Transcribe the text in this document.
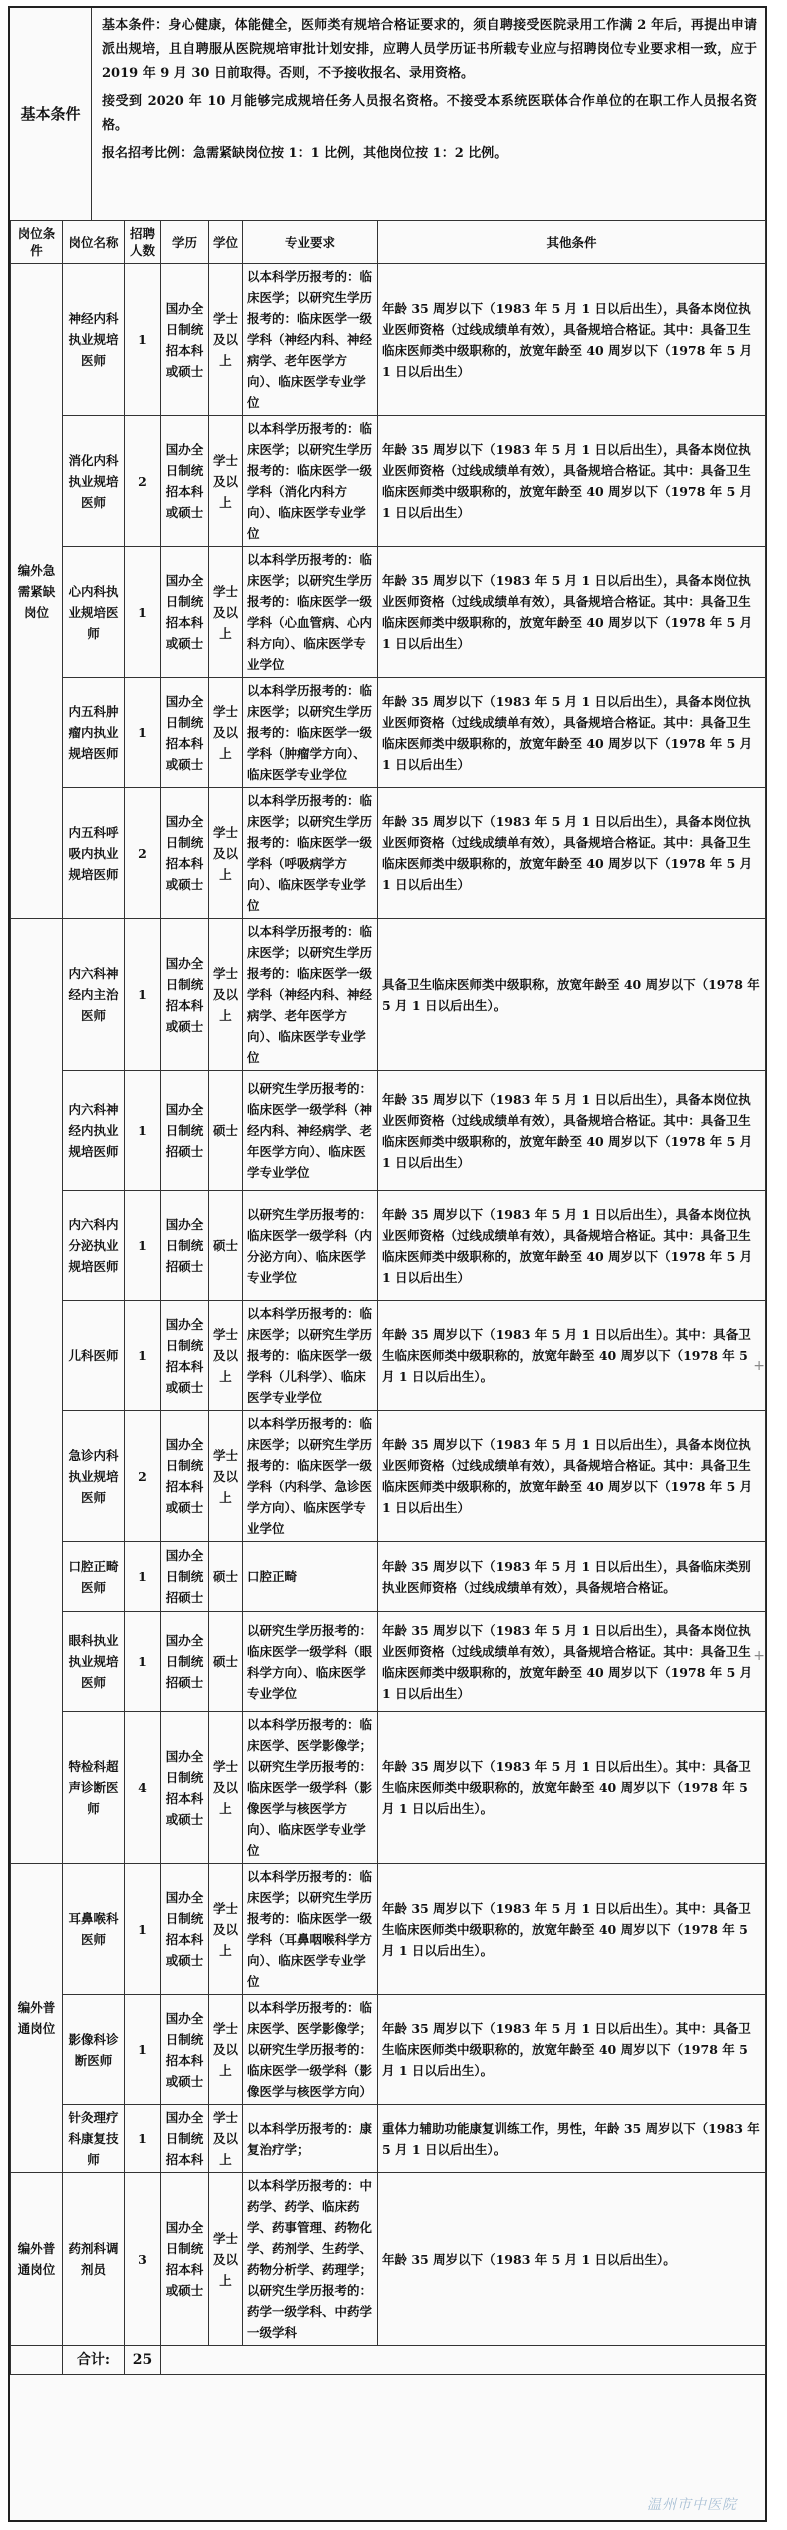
基本条件

基本条件：身心健康，体能健全，医师类有规培合格证要求的，须自聘接受医院录用工作满 2 年后，再提出申请派出规培，且自聘服从医院规培审批计划安排，应聘人员学历证书所载专业应与招聘岗位专业要求相一致，应于 2019 年 9 月 30 日前取得。否则，不予接收报名、录用资格。

接受到 2020 年 10 月能够完成规培任务人员报名资格。不接受本系统医联体合作单位的在职工作人员报名资格。

报名招考比例：急需紧缺岗位按 1：1 比例，其他岗位按 1：2 比例。

岗位条件	岗位名称	招聘人数	学历	学位	专业要求	其他条件
编外急需紧缺岗位	神经内科执业规培医师	1	国办全日制统招本科或硕士	学士及以上	以本科学历报考的：临床医学；以研究生学历报考的：临床医学一级学科（神经内科、神经病学、老年医学方向）、临床医学专业学位	年龄 35 周岁以下（1983 年 5 月 1 日以后出生），具备本岗位执业医师资格（过线成绩单有效），具备规培合格证。其中：具备卫生临床医师类中级职称的，放宽年龄至 40 周岁以下（1978 年 5 月 1 日以后出生）
	消化内科执业规培医师	2	国办全日制统招本科或硕士	学士及以上	以本科学历报考的：临床医学；以研究生学历报考的：临床医学一级学科（消化内科方向）、临床医学专业学位	年龄 35 周岁以下（1983 年 5 月 1 日以后出生），具备本岗位执业医师资格（过线成绩单有效），具备规培合格证。其中：具备卫生临床医师类中级职称的，放宽年龄至 40 周岁以下（1978 年 5 月 1 日以后出生）
	心内科执业规培医师	1	国办全日制统招本科或硕士	学士及以上	以本科学历报考的：临床医学；以研究生学历报考的：临床医学一级学科（心血管病、心内科方向）、临床医学专业学位	年龄 35 周岁以下（1983 年 5 月 1 日以后出生），具备本岗位执业医师资格（过线成绩单有效），具备规培合格证。其中：具备卫生临床医师类中级职称的，放宽年龄至 40 周岁以下（1978 年 5 月 1 日以后出生）
	内五科肿瘤内执业规培医师	1	国办全日制统招本科或硕士	学士及以上	以本科学历报考的：临床医学；以研究生学历报考的：临床医学一级学科（肿瘤学方向）、临床医学专业学位	年龄 35 周岁以下（1983 年 5 月 1 日以后出生），具备本岗位执业医师资格（过线成绩单有效），具备规培合格证。其中：具备卫生临床医师类中级职称的，放宽年龄至 40 周岁以下（1978 年 5 月 1 日以后出生）
	内五科呼吸内执业规培医师	2	国办全日制统招本科或硕士	学士及以上	以本科学历报考的：临床医学；以研究生学历报考的：临床医学一级学科（呼吸病学方向）、临床医学专业学位	年龄 35 周岁以下（1983 年 5 月 1 日以后出生），具备本岗位执业医师资格（过线成绩单有效），具备规培合格证。其中：具备卫生临床医师类中级职称的，放宽年龄至 40 周岁以下（1978 年 5 月 1 日以后出生）
	内六科神经内主治医师	1	国办全日制统招本科或硕士	学士及以上	以本科学历报考的：临床医学；以研究生学历报考的：临床医学一级学科（神经内科、神经病学、老年医学方向）、临床医学专业学位	具备卫生临床医师类中级职称，放宽年龄至 40 周岁以下（1978 年 5 月 1 日以后出生）。
	内六科神经内执业规培医师	1	国办全日制统招硕士	硕士	以研究生学历报考的：临床医学一级学科（神经内科、神经病学、老年医学方向）、临床医学专业学位	年龄 35 周岁以下（1983 年 5 月 1 日以后出生），具备本岗位执业医师资格（过线成绩单有效），具备规培合格证。其中：具备卫生临床医师类中级职称的，放宽年龄至 40 周岁以下（1978 年 5 月 1 日以后出生）
	内六科内分泌执业规培医师	1	国办全日制统招硕士	硕士	以研究生学历报考的：临床医学一级学科（内分泌方向）、临床医学专业学位	年龄 35 周岁以下（1983 年 5 月 1 日以后出生），具备本岗位执业医师资格（过线成绩单有效），具备规培合格证。其中：具备卫生临床医师类中级职称的，放宽年龄至 40 周岁以下（1978 年 5 月 1 日以后出生）
	儿科医师	1	国办全日制统招本科或硕士	学士及以上	以本科学历报考的：临床医学；以研究生学历报考的：临床医学一级学科（儿科学）、临床医学专业学位	年龄 35 周岁以下（1983 年 5 月 1 日以后出生）。其中：具备卫生临床医师类中级职称的，放宽年龄至 40 周岁以下（1978 年 5 月 1 日以后出生）。
	急诊内科执业规培医师	2	国办全日制统招本科或硕士	学士及以上	以本科学历报考的：临床医学；以研究生学历报考的：临床医学一级学科（内科学、急诊医学方向）、临床医学专业学位	年龄 35 周岁以下（1983 年 5 月 1 日以后出生），具备本岗位执业医师资格（过线成绩单有效），具备规培合格证。其中：具备卫生临床医师类中级职称的，放宽年龄至 40 周岁以下（1978 年 5 月 1 日以后出生）
	口腔正畸医师	1	国办全日制统招硕士	硕士	口腔正畸	年龄 35 周岁以下（1983 年 5 月 1 日以后出生），具备临床类别执业医师资格（过线成绩单有效），具备规培合格证。
	眼科执业执业规培医师	1	国办全日制统招硕士	硕士	以研究生学历报考的：临床医学一级学科（眼科学方向）、临床医学专业学位	年龄 35 周岁以下（1983 年 5 月 1 日以后出生），具备本岗位执业医师资格（过线成绩单有效），具备规培合格证。其中：具备卫生临床医师类中级职称的，放宽年龄至 40 周岁以下（1978 年 5 月 1 日以后出生）
	特检科超声诊断医师	4	国办全日制统招本科或硕士	学士及以上	以本科学历报考的：临床医学、医学影像学；以研究生学历报考的：临床医学一级学科（影像医学与核医学方向）、临床医学专业学位	年龄 35 周岁以下（1983 年 5 月 1 日以后出生）。其中：具备卫生临床医师类中级职称的，放宽年龄至 40 周岁以下（1978 年 5 月 1 日以后出生）。
编外普通岗位	耳鼻喉科医师	1	国办全日制统招本科或硕士	学士及以上	以本科学历报考的：临床医学；以研究生学历报考的：临床医学一级学科（耳鼻咽喉科学方向）、临床医学专业学位	年龄 35 周岁以下（1983 年 5 月 1 日以后出生）。其中：具备卫生临床医师类中级职称的，放宽年龄至 40 周岁以下（1978 年 5 月 1 日以后出生）。
	影像科诊断医师	1	国办全日制统招本科或硕士	学士及以上	以本科学历报考的：临床医学、医学影像学；以研究生学历报考的：临床医学一级学科（影像医学与核医学方向）	年龄 35 周岁以下（1983 年 5 月 1 日以后出生）。其中：具备卫生临床医师类中级职称的，放宽年龄至 40 周岁以下（1978 年 5 月 1 日以后出生）。
	针灸理疗科康复技师	1	国办全日制统招本科	学士及以上	以本科学历报考的：康复治疗学；	重体力辅助功能康复训练工作，男性，年龄 35 周岁以下（1983 年 5 月 1 日以后出生）。
编外普通岗位	药剂科调剂员	3	国办全日制统招本科或硕士	学士及以上	以本科学历报考的：中药学、药学、临床药学、药事管理、药物化学、药剂学、生药学、药物分析学、药理学；以研究生学历报考的：药学一级学科、中药学一级学科	年龄 35 周岁以下（1983 年 5 月 1 日以后出生）。
	合计:	25				
温州市中医院
+
+
